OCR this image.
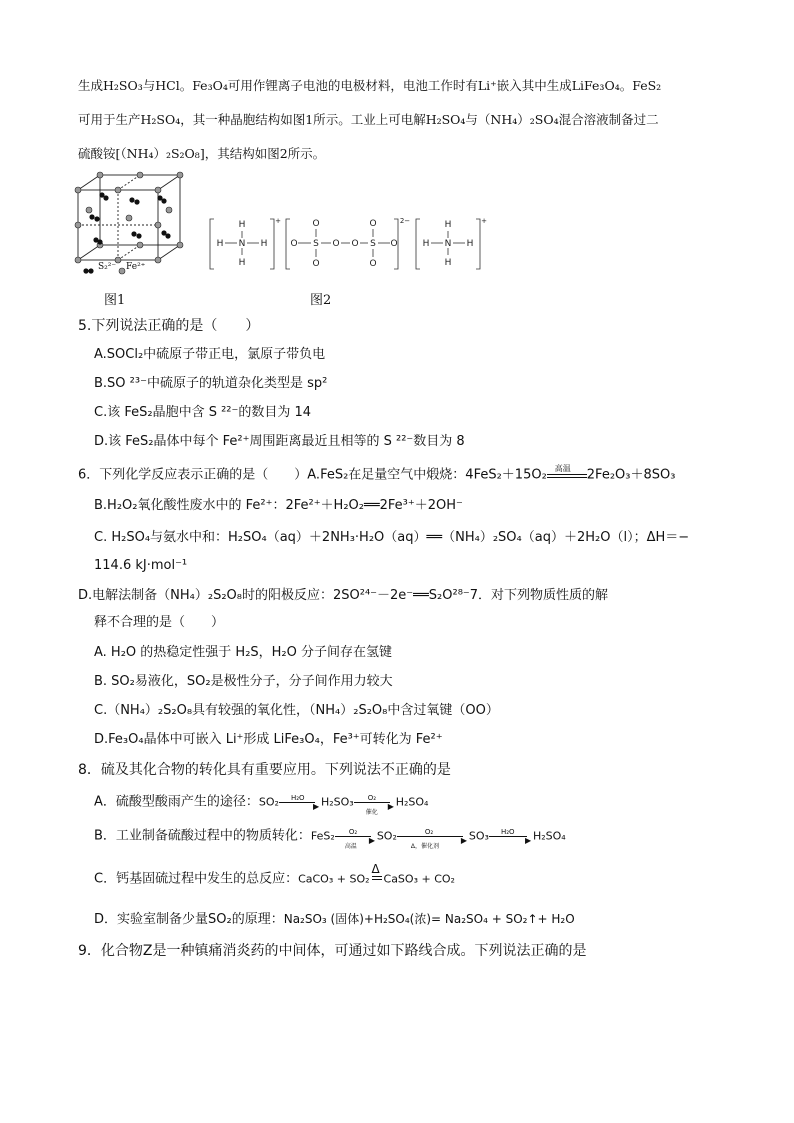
生成H₂SO₃与HCl。Fe₃O₄可用作锂离子电池的电极材料，电池工作时有Li⁺嵌入其中生成LiFe₃O₄。FeS₂
可用于生产H₂SO₄，其一种晶胞结构如图1所示。工业上可电解H₂SO₄与（NH₄）₂SO₄混合溶液制备过二
硫酸铵[（NH₄）₂S₂O₈]，其结构如图2所示。
S₂²⁻ Fe²⁺
图1
H
H N H
H
+
O S
O
O
O O S
O
O
O
2−	H
H N H
H
+
图2
5.下列说法正确的是（　　）
A.SOCl₂中硫原子带正电，氯原子带负电
B.SO ²³⁻中硫原子的轨道杂化类型是 sp²
C.该 FeS₂晶胞中含 S ²²⁻的数目为 14
D.该 FeS₂晶体中每个 Fe²⁺周围距离最近且相等的 S ²²⁻数目为 8
6．下列化学反应表示正确的是（　　）A.FeS₂在足量空气中煅烧：4FeS₂＋15O₂ 高温 2Fe₂O₃＋8SO₃
B.H₂O₂氧化酸性废水中的 Fe²⁺：2Fe²⁺＋H₂O₂══2Fe³⁺＋2OH⁻
C. H₂SO₄与氨水中和：H₂SO₄（aq）＋2NH₃·H₂O（aq）══（NH₄）₂SO₄（aq）＋2H₂O（l）；ΔH＝−
114.6 kJ·mol⁻¹
D.电解法制备（NH₄）₂S₂O₈时的阳极反应：2SO²⁴⁻－2e⁻══S₂O²⁸⁻7．对下列物质性质的解
释不合理的是（　　）
A. H₂O 的热稳定性强于 H₂S，H₂O 分子间存在氢键
B. SO₂易液化，SO₂是极性分子，分子间作用力较大
C.（NH₄）₂S₂O₈具有较强的氧化性，（NH₄）₂S₂O₈中含过氧键（OO）
D.Fe₃O₄晶体中可嵌入 Li⁺形成 LiFe₃O₄，Fe³⁺可转化为 Fe²⁺
8．硫及其化合物的转化具有重要应用。下列说法不正确的是
A．硫酸型酸雨产生的途径：SO₂ H₂O
▶ H₂SO₃ O₂
▶
催化
H₂SO₄
B．工业制备硫酸过程中的物质转化：FeS₂ O₂
▶
高温
SO₂	O₂
▶
Δ，催化剂
SO₃ H₂O
▶ H₂SO₄
C．钙基固硫过程中发生的总反应：CaCO₃ + SO₂
Δ
CaSO₃ + CO₂
D．实验室制备少量SO₂的原理：Na₂SO₃ (固体)+H₂SO₄(浓)= Na₂SO₄ + SO₂↑+ H₂O
9．化合物Z是一种镇痛消炎药的中间体，可通过如下路线合成。下列说法正确的是
